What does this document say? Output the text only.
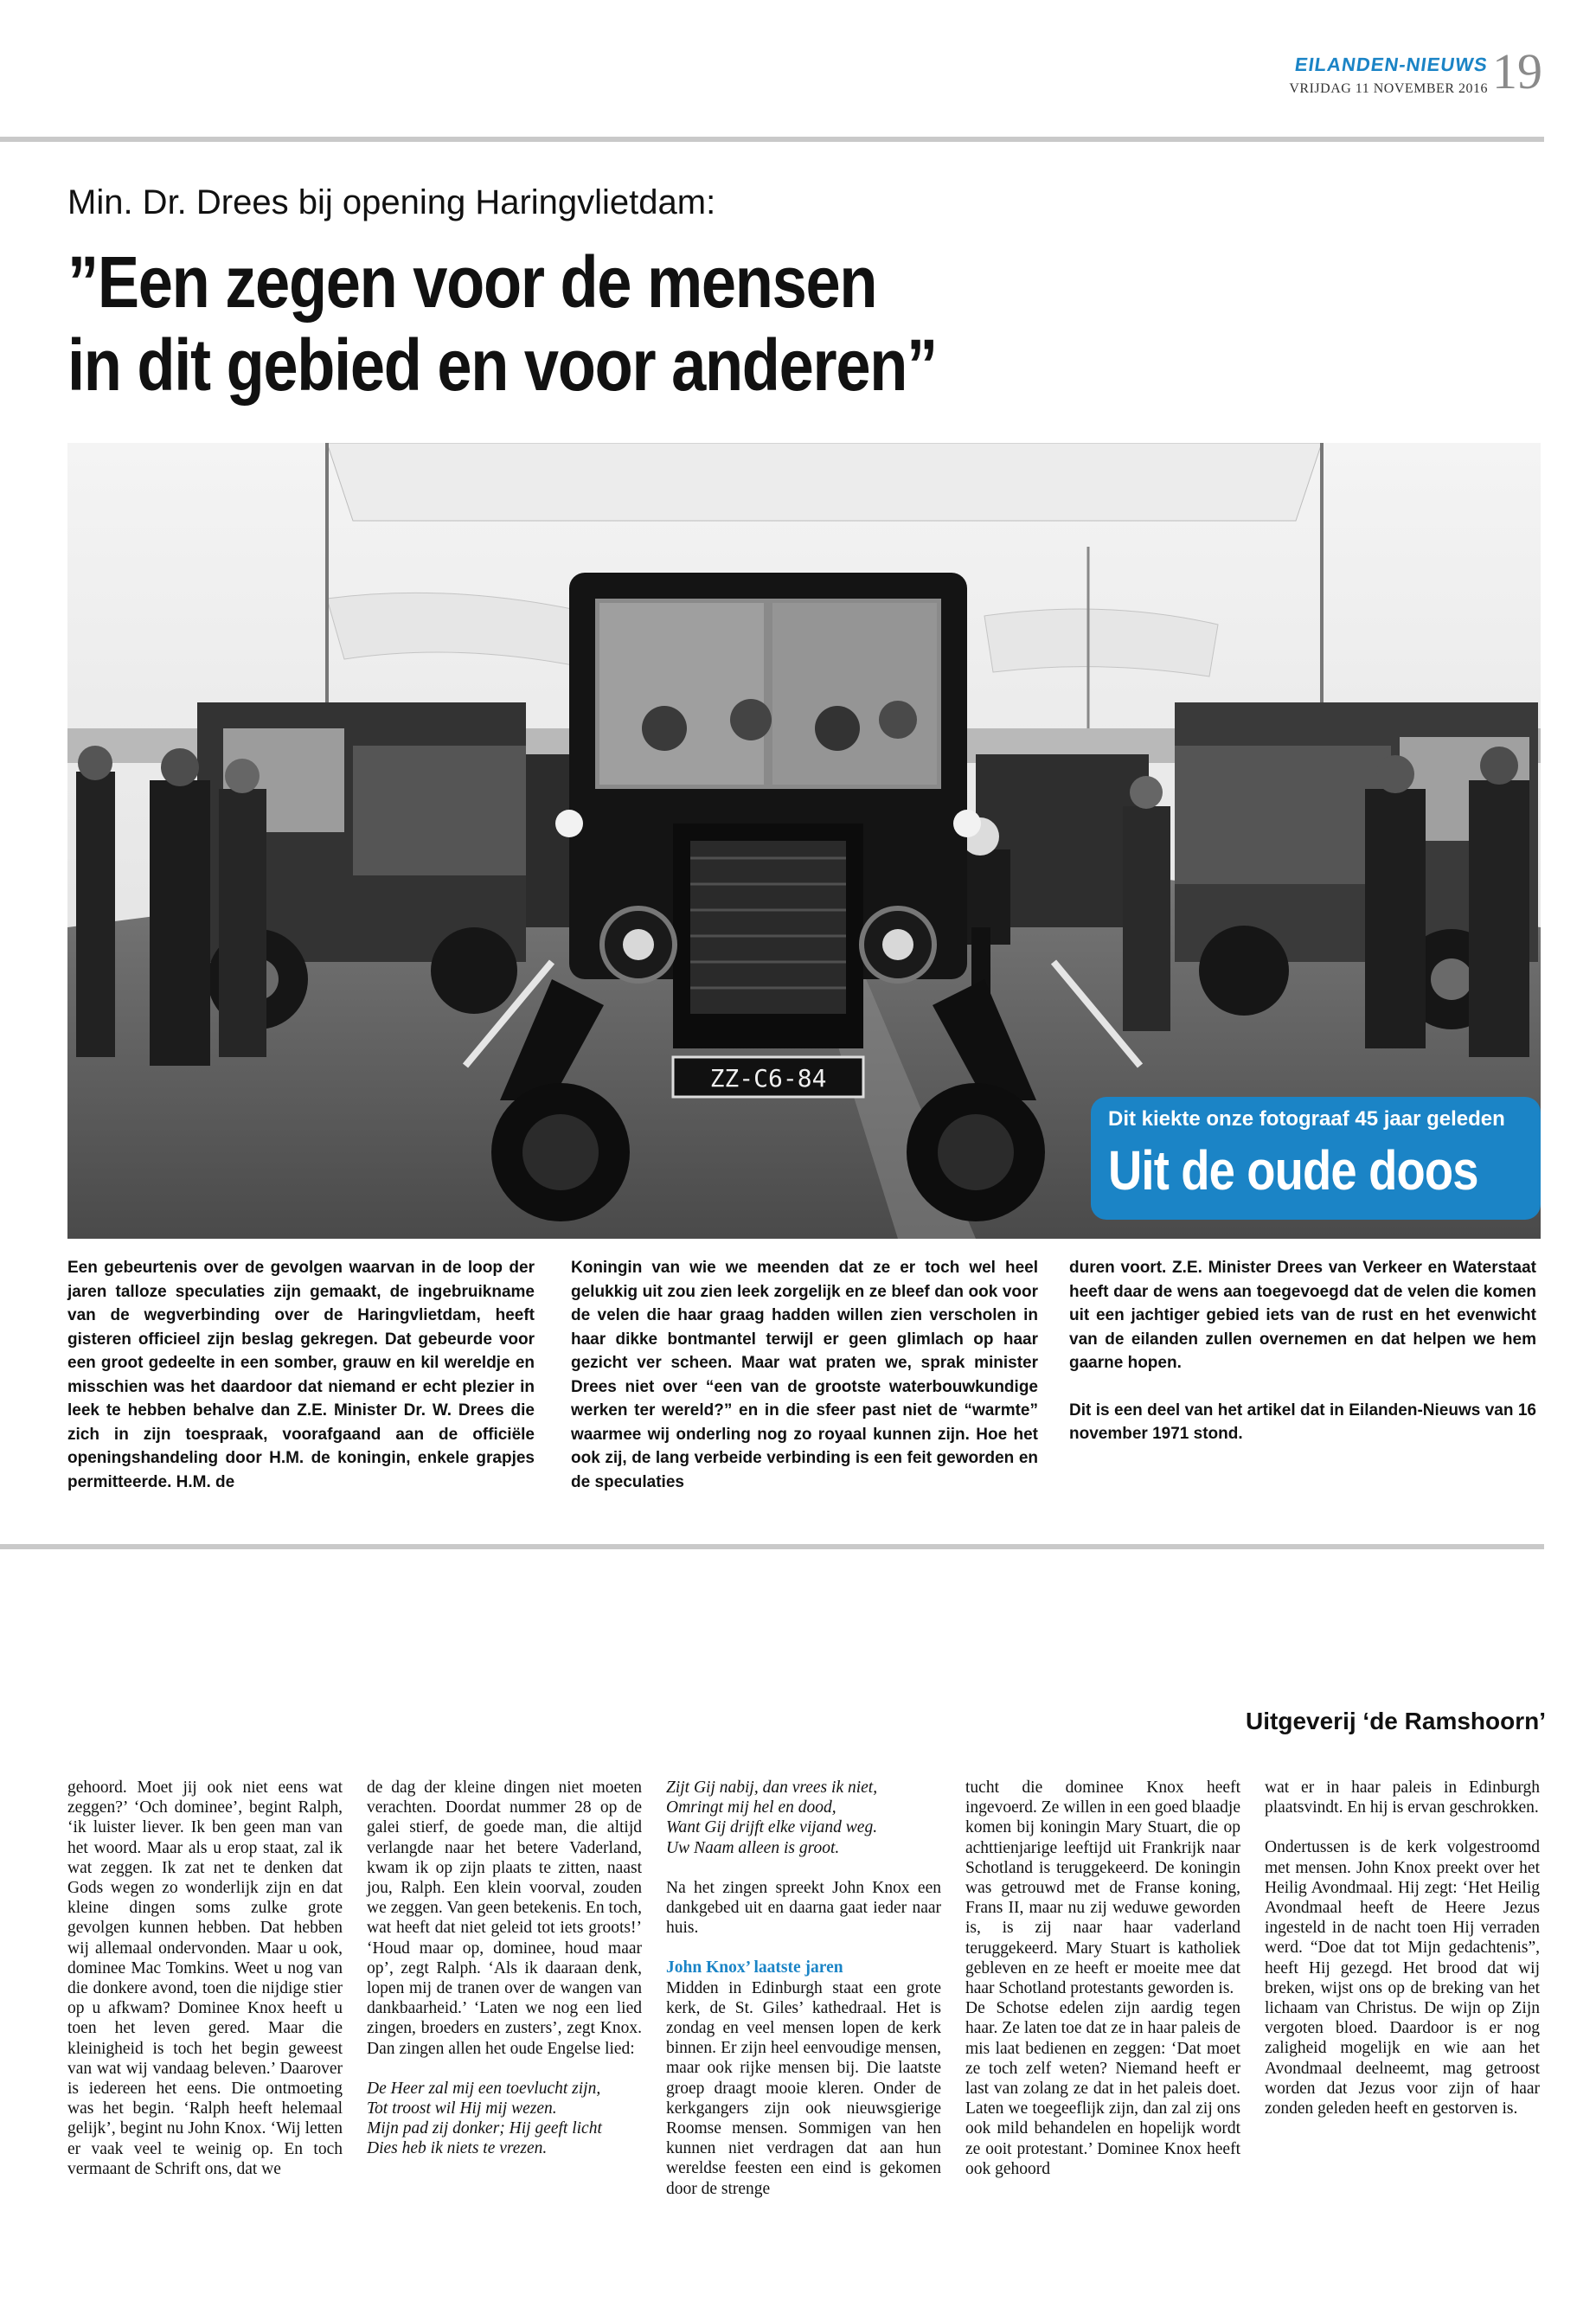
EILANDEN-NIEUWS
VRIJDAG 11 NOVEMBER 2016 19
Min. Dr. Drees bij opening Haringvlietdam:
”Een zegen voor de mensen
in dit gebied en voor anderen”
ZZ-C6-84
Dit kiekte onze fotograaf 45 jaar geleden
Uit de oude doos

Een gebeurtenis over de gevolgen waarvan in de loop der jaren talloze speculaties zijn gemaakt, de ingebruikname van de wegverbinding over de Haringvlietdam, heeft gisteren officieel zijn beslag gekregen. Dat gebeurde voor een groot gedeelte in een somber, grauw en kil wereldje en misschien was het daardoor dat niemand er echt plezier in leek te hebben behalve dan Z.E. Minister Dr. W. Drees die zich in zijn toespraak, voorafgaand aan de officiële openingshandeling door H.M. de koningin, enkele grapjes permitteerde. H.M. de

Koningin van wie we meenden dat ze er toch wel heel gelukkig uit zou zien leek zorgelijk en ze bleef dan ook voor de velen die haar graag hadden willen zien verscholen in haar dikke bontmantel terwijl er geen glimlach op haar gezicht ver scheen. Maar wat praten we, sprak minister Drees niet over “een van de grootste waterbouwkundige werken ter wereld?” en in die sfeer past niet de “warmte” waarmee wij onderling nog zo royaal kunnen zijn. Hoe het ook zij, de lang verbeide verbinding is een feit geworden en de speculaties

duren voort. Z.E. Minister Drees van Verkeer en Waterstaat heeft daar de wens aan toegevoegd dat de velen die komen uit een jachtiger gebied iets van de rust en het evenwicht van de eilanden zullen overnemen en dat helpen we hem gaarne hopen.

Dit is een deel van het artikel dat in Eilanden-Nieuws van 16 november 1971 stond.

Uitgeverij ‘de Ramshoorn’

gehoord. Moet jij ook niet eens wat zeggen?’ ‘Och dominee’, begint Ralph, ‘ik luister liever. Ik ben geen man van het woord. Maar als u erop staat, zal ik wat zeggen. Ik zat net te denken dat Gods wegen zo wonderlijk zijn en dat kleine dingen soms zulke grote gevolgen kunnen hebben. Dat hebben wij allemaal ondervonden. Maar u ook, dominee Mac Tomkins. Weet u nog van die donkere avond, toen die nijdige stier op u afkwam? Dominee Knox heeft u toen het leven gered. Maar die kleinigheid is toch het begin geweest van wat wij vandaag beleven.’ Daarover is iedereen het eens. Die ontmoeting was het begin. ‘Ralph heeft helemaal gelijk’, begint nu John Knox. ‘Wij letten er vaak veel te weinig op. En toch vermaant de Schrift ons, dat we

de dag der kleine dingen niet moeten verachten. Doordat nummer 28 op de galei stierf, de goede man, die altijd verlangde naar het betere Vaderland, kwam ik op zijn plaats te zitten, naast jou, Ralph. Een klein voorval, zouden we zeggen. Van geen betekenis. En toch, wat heeft dat niet geleid tot iets groots!’ ‘Houd maar op, dominee, houd maar op’, zegt Ralph. ‘Als ik daaraan denk, lopen mij de tranen over de wangen van dankbaarheid.’ ‘Laten we nog een lied zingen, broeders en zusters’, zegt Knox. Dan zingen allen het oude Engelse lied:

De Heer zal mij een toevlucht zijn,

Tot troost wil Hij mij wezen.

Mijn pad zij donker; Hij geeft licht

Dies heb ik niets te vrezen.

Zijt Gij nabij, dan vrees ik niet,

Omringt mij hel en dood,

Want Gij drijft elke vijand weg.

Uw Naam alleen is groot.

Na het zingen spreekt John Knox een dankgebed uit en daarna gaat ieder naar huis.

John Knox’ laatste jaren

Midden in Edinburgh staat een grote kerk, de St. Giles’ kathedraal. Het is zondag en veel mensen lopen de kerk binnen. Er zijn heel eenvoudige mensen, maar ook rijke mensen bij. Die laatste groep draagt mooie kleren. Onder de kerkgangers zijn ook nieuwsgierige Roomse mensen. Sommigen van hen kunnen niet verdragen dat aan hun wereldse feesten een eind is gekomen door de strenge

tucht die dominee Knox heeft ingevoerd. Ze willen in een goed blaadje komen bij koningin Mary Stuart, die op achttienjarige leeftijd uit Frankrijk naar Schotland is teruggekeerd. De koningin was getrouwd met de Franse koning, Frans II, maar nu zij weduwe geworden is, is zij naar haar vaderland teruggekeerd. Mary Stuart is katholiek gebleven en ze heeft er moeite mee dat haar Schotland protestants geworden is.

De Schotse edelen zijn aardig tegen haar. Ze laten toe dat ze in haar paleis de mis laat bedienen en zeggen: ‘Dat moet ze toch zelf weten? Niemand heeft er last van zolang ze dat in het paleis doet. Laten we toegeeflijk zijn, dan zal zij ons ook mild behandelen en hopelijk wordt ze ooit protestant.’ Dominee Knox heeft ook gehoord

wat er in haar paleis in Edinburgh plaatsvindt. En hij is ervan geschrokken.

Ondertussen is de kerk volgestroomd met mensen. John Knox preekt over het Heilig Avondmaal. Hij zegt: ‘Het Heilig Avondmaal heeft de Heere Jezus ingesteld in de nacht toen Hij verraden werd. “Doe dat tot Mijn gedachtenis”, heeft Hij gezegd. Het brood dat wij breken, wijst ons op de breking van het lichaam van Christus. De wijn op Zijn vergoten bloed. Daardoor is er nog zaligheid mogelijk en wie aan het Avondmaal deelneemt, mag getroost worden dat Jezus voor zijn of haar zonden geleden heeft en gestorven is.
